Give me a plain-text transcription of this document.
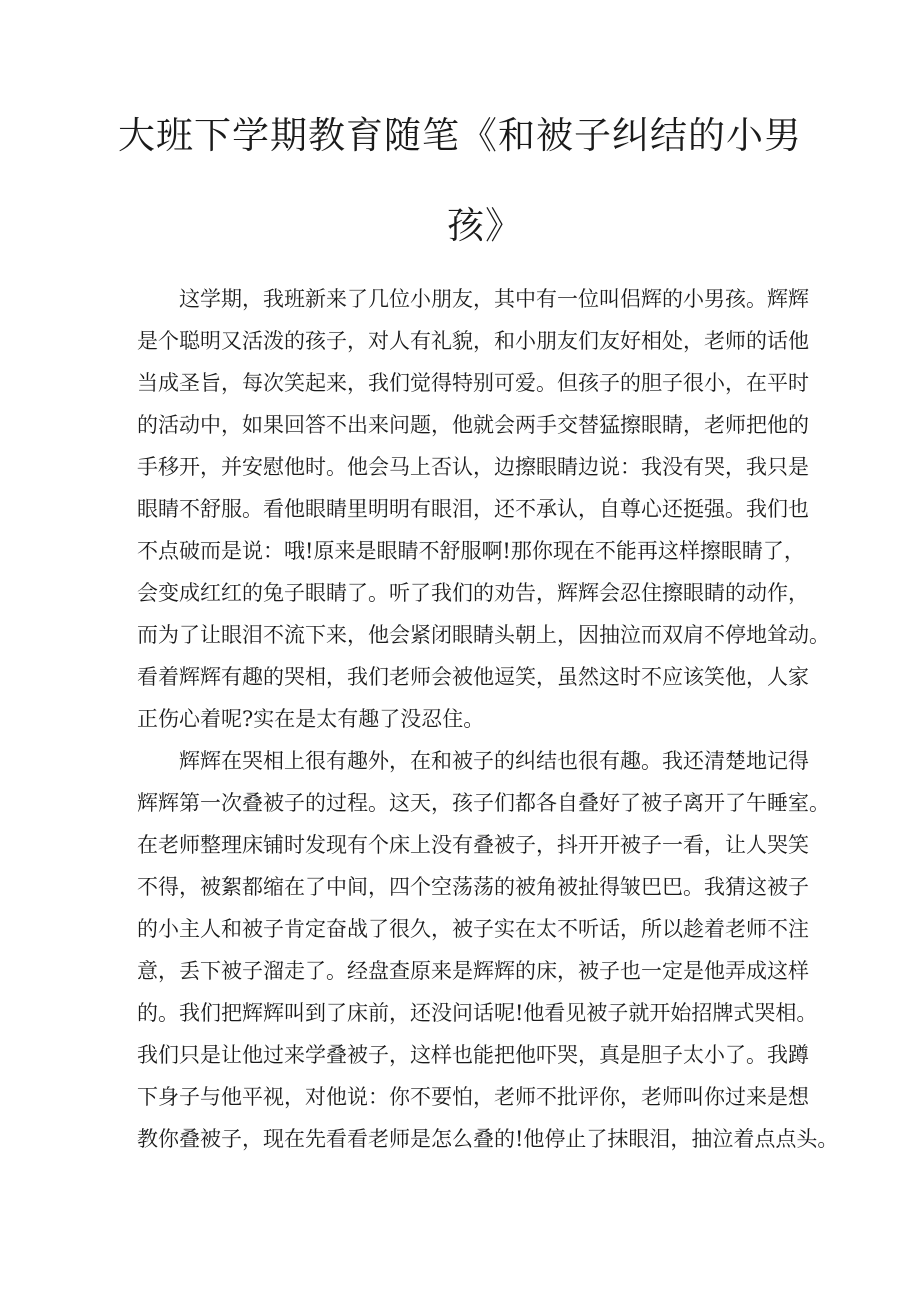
大班下学期教育随笔《和被子纠结的小男
孩》
这学期，我班新来了几位小朋友，其中有一位叫侣辉的小男孩。辉辉
是个聪明又活泼的孩子，对人有礼貌，和小朋友们友好相处，老师的话他
当成圣旨，每次笑起来，我们觉得特别可爱。但孩子的胆子很小，在平时
的活动中，如果回答不出来问题，他就会两手交替猛擦眼睛，老师把他的
手移开，并安慰他时。他会马上否认，边擦眼睛边说：我没有哭，我只是
眼睛不舒服。看他眼睛里明明有眼泪，还不承认，自尊心还挺强。我们也
不点破而是说：哦!原来是眼睛不舒服啊!那你现在不能再这样擦眼睛了，
会变成红红的兔子眼睛了。听了我们的劝告，辉辉会忍住擦眼睛的动作，
而为了让眼泪不流下来，他会紧闭眼睛头朝上，因抽泣而双肩不停地耸动。
看着辉辉有趣的哭相，我们老师会被他逗笑，虽然这时不应该笑他，人家
正伤心着呢?实在是太有趣了没忍住。
辉辉在哭相上很有趣外，在和被子的纠结也很有趣。我还清楚地记得
辉辉第一次叠被子的过程。这天，孩子们都各自叠好了被子离开了午睡室。
在老师整理床铺时发现有个床上没有叠被子，抖开开被子一看，让人哭笑
不得，被絮都缩在了中间，四个空荡荡的被角被扯得皱巴巴。我猜这被子
的小主人和被子肯定奋战了很久，被子实在太不听话，所以趁着老师不注
意，丢下被子溜走了。经盘查原来是辉辉的床，被子也一定是他弄成这样
的。我们把辉辉叫到了床前，还没问话呢!他看见被子就开始招牌式哭相。
我们只是让他过来学叠被子，这样也能把他吓哭，真是胆子太小了。我蹲
下身子与他平视，对他说：你不要怕，老师不批评你，老师叫你过来是想
教你叠被子，现在先看看老师是怎么叠的!他停止了抹眼泪，抽泣着点点头。
